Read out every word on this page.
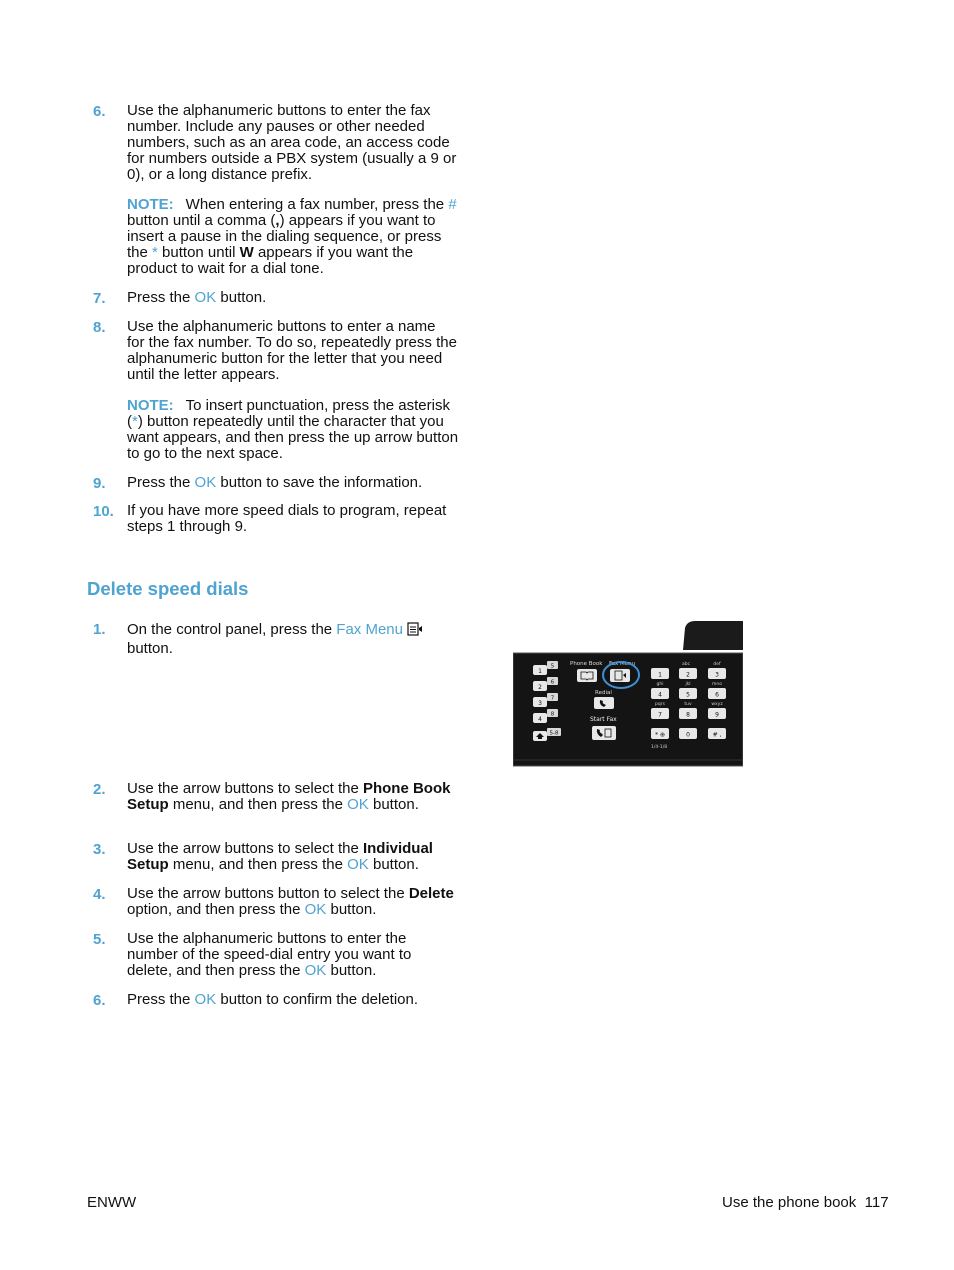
6. Use the alphanumeric buttons to enter the fax number. Include any pauses or other needed numbers, such as an area code, an access code for numbers outside a PBX system (usually a 9 or 0), or a long distance prefix.
NOTE: When entering a fax number, press the # button until a comma (,) appears if you want to insert a pause in the dialing sequence, or press the * button until W appears if you want the product to wait for a dial tone.
7. Press the OK button.
8. Use the alphanumeric buttons to enter a name for the fax number. To do so, repeatedly press the alphanumeric button for the letter that you need until the letter appears.
NOTE: To insert punctuation, press the asterisk (*) button repeatedly until the character that you want appears, and then press the up arrow button to go to the next space.
9. Press the OK button to save the information.
10. If you have more speed dials to program, repeat steps 1 through 9.
Delete speed dials
1. On the control panel, press the Fax Menu
button.
2. Use the arrow buttons to select the Phone Book Setup menu, and then press the OK button.
3. Use the arrow buttons to select the Individual Setup menu, and then press the OK button.
4. Use the arrow buttons button to select the Delete option, and then press the OK button.
5. Use the alphanumeric buttons to enter the number of the speed-dial entry you want to delete, and then press the OK button.
6. Press the OK button to confirm the deletion.
1
2
3
4
5
6
7
8
5-8
Phone Book Fax Menu
Redial
Start Fax
abc	def
1	2	3
ghi	jkl	mno
4	5	6
pqrs	tuv	wxyz
7	8	9
* ⊕	0	# ,
1/4-1/8
ENWW	Use the phone book 117
